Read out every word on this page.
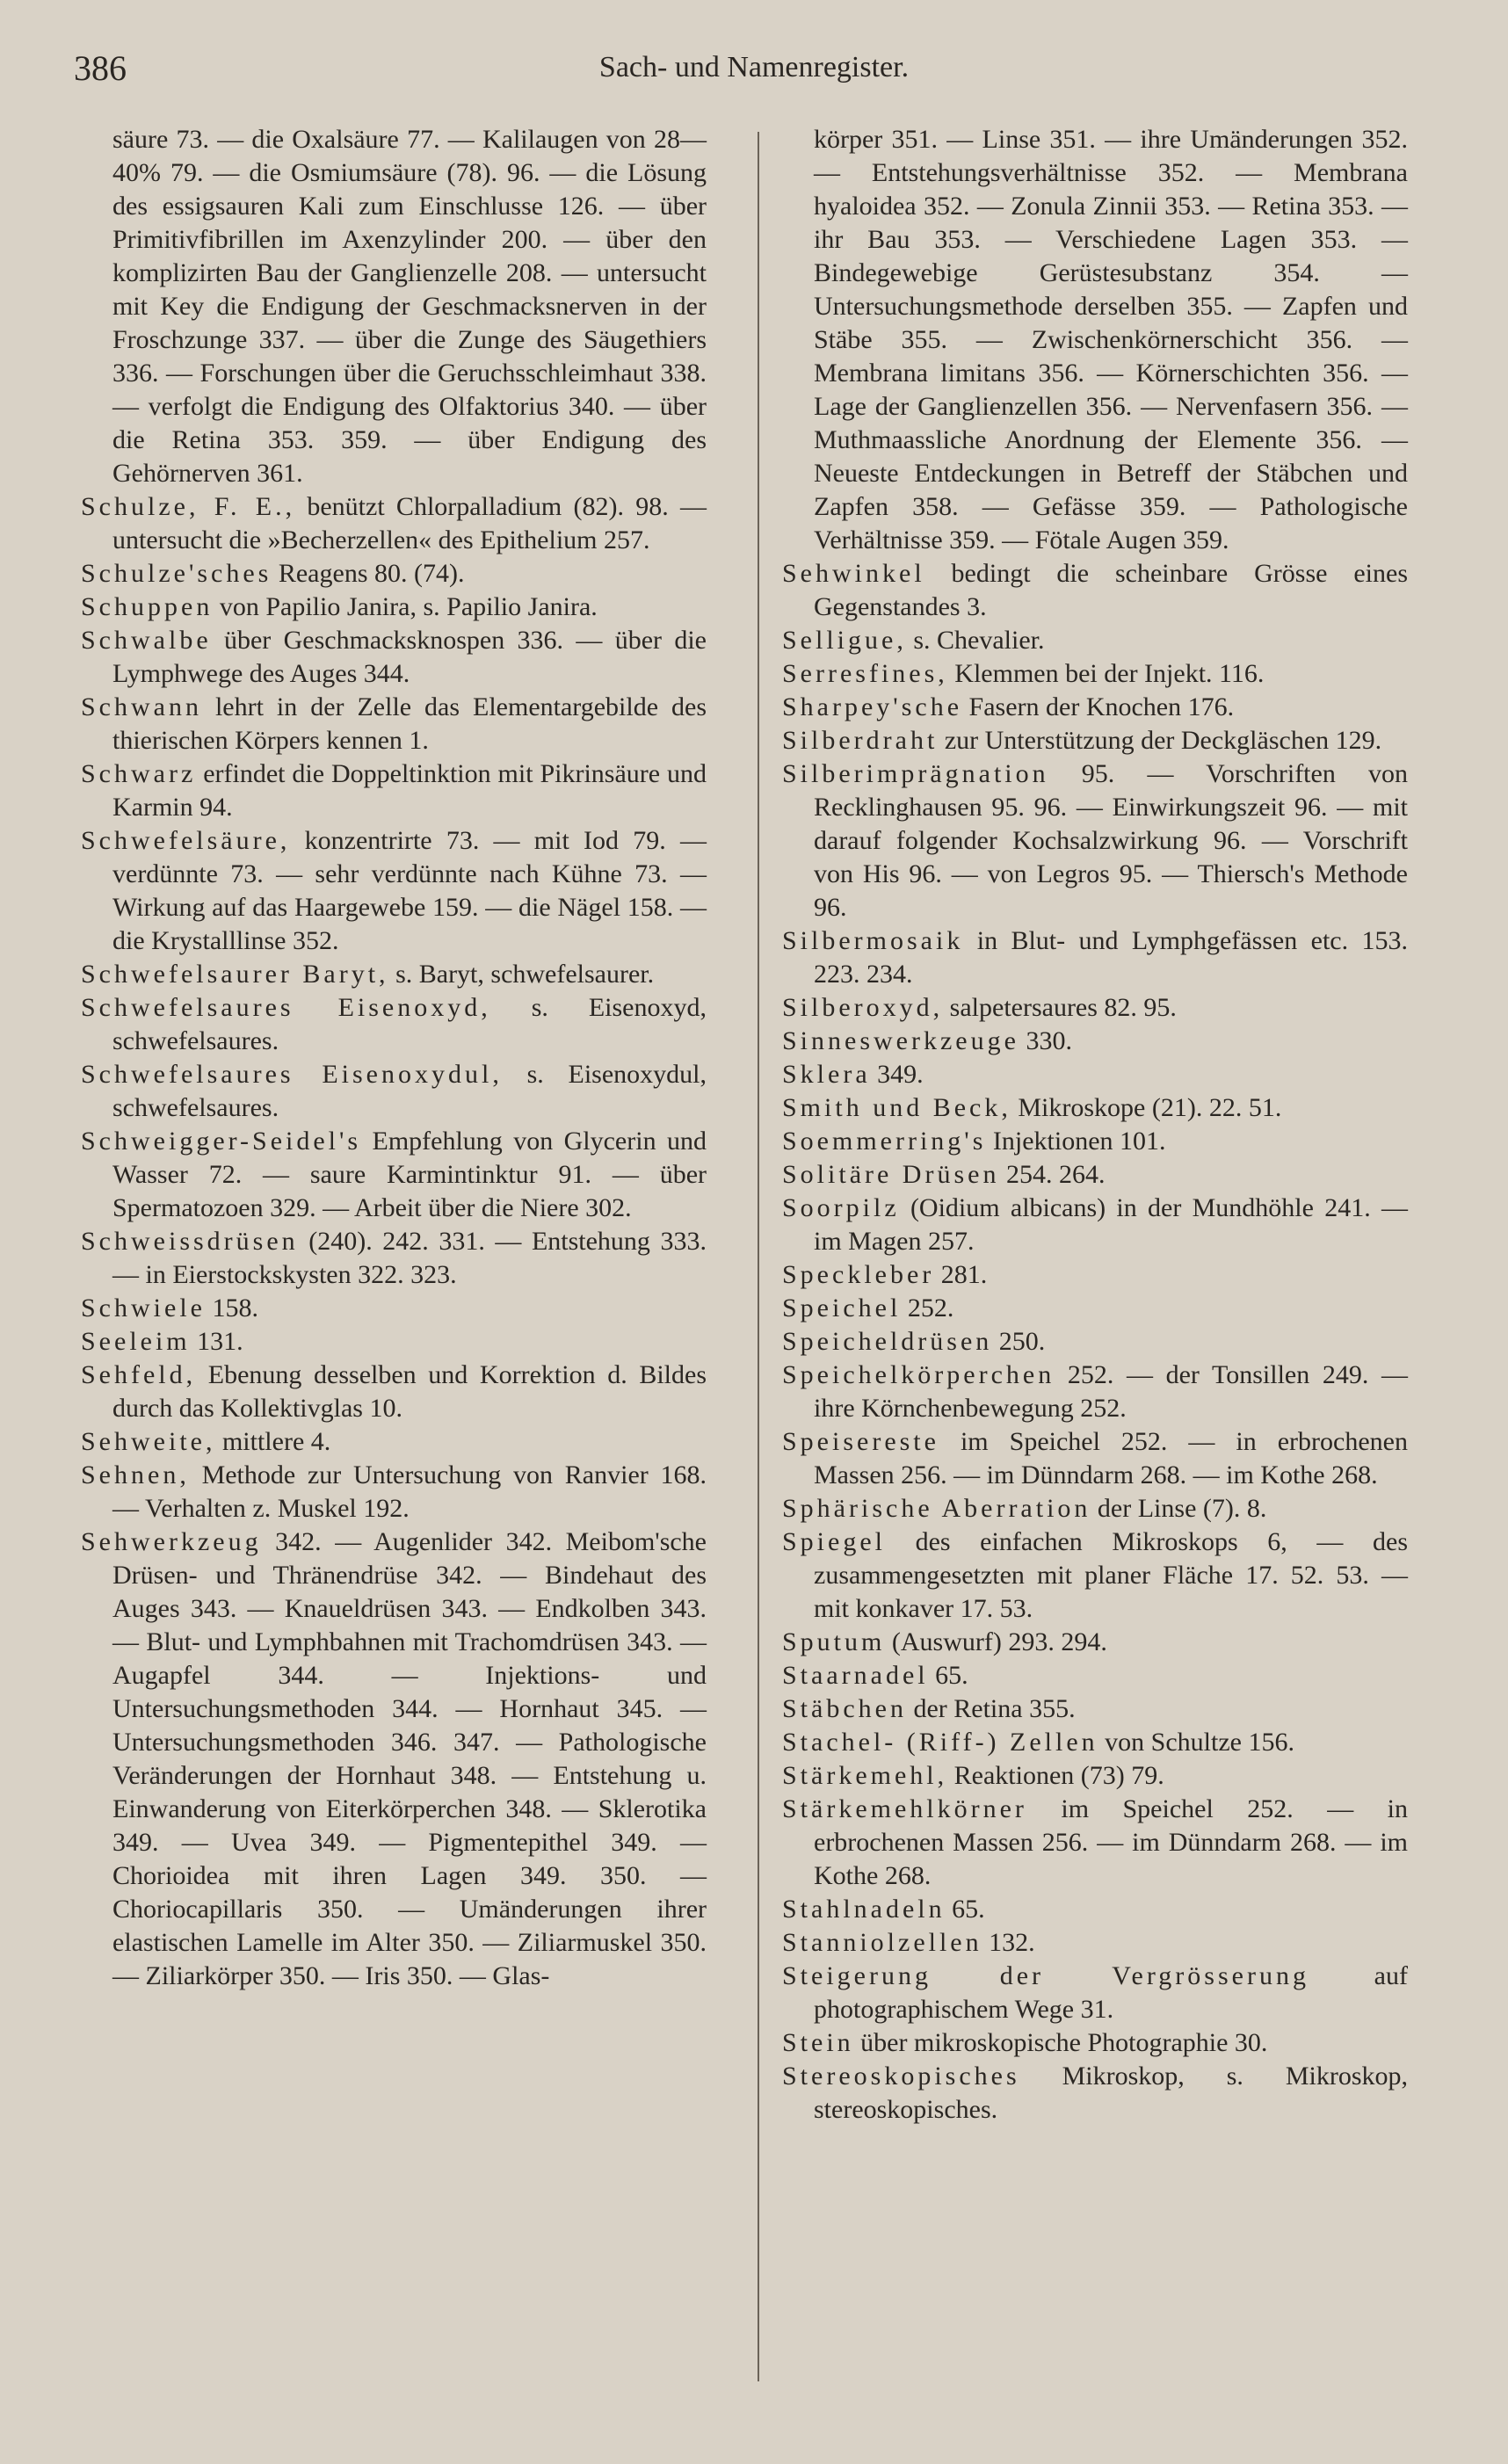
386	Sach- und Namenregister.

säure 73. — die Oxalsäure 77. — Kalilaugen von 28—40% 79. — die Osmiumsäure (78). 96. — die Lösung des essigsauren Kali zum Einschlusse 126. — über Primitivfibrillen im Axenzylinder 200. — über den komplizirten Bau der Ganglienzelle 208. — untersucht mit Key die Endigung der Geschmacksnerven in der Froschzunge 337. — über die Zunge des Säugethiers 336. — Forschungen über die Geruchsschleimhaut 338. — verfolgt die Endigung des Olfaktorius 340. — über die Retina 353. 359. — über Endigung des Gehörnerven 361.

Schulze, F. E., benützt Chlorpalladium (82). 98. — untersucht die »Becherzellen« des Epithelium 257.

Schulze'sches Reagens 80. (74).

Schuppen von Papilio Janira, s. Papilio Janira.

Schwalbe über Geschmacksknospen 336. — über die Lymphwege des Auges 344.

Schwann lehrt in der Zelle das Elementargebilde des thierischen Körpers kennen 1.

Schwarz erfindet die Doppeltinktion mit Pikrinsäure und Karmin 94.

Schwefelsäure, konzentrirte 73. — mit Iod 79. — verdünnte 73. — sehr verdünnte nach Kühne 73. — Wirkung auf das Haargewebe 159. — die Nägel 158. — die Krystalllinse 352.

Schwefelsaurer Baryt, s. Baryt, schwefelsaurer.

Schwefelsaures Eisenoxyd, s. Eisenoxyd, schwefelsaures.

Schwefelsaures Eisenoxydul, s. Eisenoxydul, schwefelsaures.

Schweigger-Seidel's Empfehlung von Glycerin und Wasser 72. — saure Karmintinktur 91. — über Spermatozoen 329. — Arbeit über die Niere 302.

Schweissdrüsen (240). 242. 331. — Entstehung 333. — in Eierstockskysten 322. 323.

Schwiele 158.

Seeleim 131.

Sehfeld, Ebenung desselben und Korrektion d. Bildes durch das Kollektivglas 10.

Sehweite, mittlere 4.

Sehnen, Methode zur Untersuchung von Ranvier 168. — Verhalten z. Muskel 192.

Sehwerkzeug 342. — Augenlider 342. Meibom'sche Drüsen- und Thränendrüse 342. — Bindehaut des Auges 343. — Knaueldrüsen 343. — Endkolben 343. — Blut- und Lymphbahnen mit Trachomdrüsen 343. — Augapfel 344. — Injektions- und Untersuchungsmethoden 344. — Hornhaut 345. — Untersuchungsmethoden 346. 347. — Pathologische Veränderungen der Hornhaut 348. — Entstehung u. Einwanderung von Eiterkörperchen 348. — Sklerotika 349. — Uvea 349. — Pigmentepithel 349. — Chorioidea mit ihren Lagen 349. 350. — Choriocapillaris 350. — Umänderungen ihrer elastischen Lamelle im Alter 350. — Ziliarmuskel 350. — Ziliarkörper 350. — Iris 350. — Glas-

körper 351. — Linse 351. — ihre Umänderungen 352. — Entstehungsverhältnisse 352. — Membrana hyaloidea 352. — Zonula Zinnii 353. — Retina 353. — ihr Bau 353. — Verschiedene Lagen 353. — Bindegewebige Gerüstesubstanz 354. — Untersuchungsmethode derselben 355. — Zapfen und Stäbe 355. — Zwischenkörnerschicht 356. — Membrana limitans 356. — Körnerschichten 356. — Lage der Ganglienzellen 356. — Nervenfasern 356. — Muthmaassliche Anordnung der Elemente 356. — Neueste Entdeckungen in Betreff der Stäbchen und Zapfen 358. — Gefässe 359. — Pathologische Verhältnisse 359. — Fötale Augen 359.

Sehwinkel bedingt die scheinbare Grösse eines Gegenstandes 3.

Selligue, s. Chevalier.

Serresfines, Klemmen bei der Injekt. 116.

Sharpey'sche Fasern der Knochen 176.

Silberdraht zur Unterstützung der Deckgläschen 129.

Silberimprägnation 95. — Vorschriften von Recklinghausen 95. 96. — Einwirkungszeit 96. — mit darauf folgender Kochsalzwirkung 96. — Vorschrift von His 96. — von Legros 95. — Thiersch's Methode 96.

Silbermosaik in Blut- und Lymphgefässen etc. 153. 223. 234.

Silberoxyd, salpetersaures 82. 95.

Sinneswerkzeuge 330.

Sklera 349.

Smith und Beck, Mikroskope (21). 22. 51.

Soemmerring's Injektionen 101.

Solitäre Drüsen 254. 264.

Soorpilz (Oidium albicans) in der Mundhöhle 241. — im Magen 257.

Speckleber 281.

Speichel 252.

Speicheldrüsen 250.

Speichelkörperchen 252. — der Tonsillen 249. — ihre Körnchenbewegung 252.

Speisereste im Speichel 252. — in erbrochenen Massen 256. — im Dünndarm 268. — im Kothe 268.

Sphärische Aberration der Linse (7). 8.

Spiegel des einfachen Mikroskops 6, — des zusammengesetzten mit planer Fläche 17. 52. 53. — mit konkaver 17. 53.

Sputum (Auswurf) 293. 294.

Staarnadel 65.

Stäbchen der Retina 355.

Stachel- (Riff-) Zellen von Schultze 156.

Stärkemehl, Reaktionen (73) 79.

Stärkemehlkörner im Speichel 252. — in erbrochenen Massen 256. — im Dünndarm 268. — im Kothe 268.

Stahlnadeln 65.

Stanniolzellen 132.

Steigerung der Vergrösserung auf photographischem Wege 31.

Stein über mikroskopische Photographie 30.

Stereoskopisches Mikroskop, s. Mikroskop, stereoskopisches.
